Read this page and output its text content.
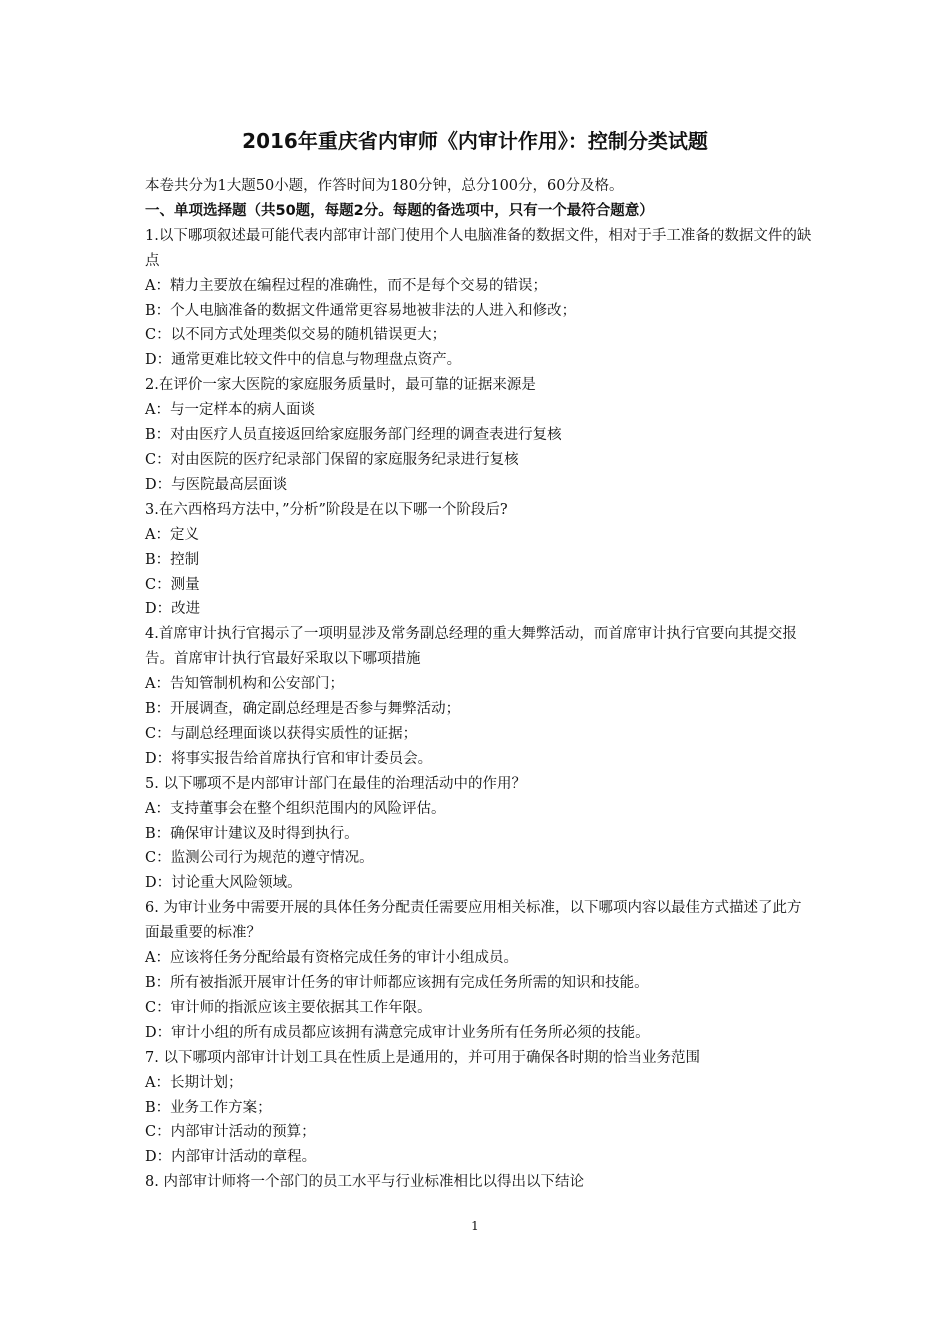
2016年重庆省内审师《内审计作用》：控制分类试题
本卷共分为1大题50小题，作答时间为180分钟，总分100分，60分及格。
一、单项选择题（共50题，每题2分。每题的备选项中，只有一个最符合题意）
1.以下哪项叙述最可能代表内部审计部门使用个人电脑准备的数据文件，相对于手工准备的数据文件的缺点
A：精力主要放在编程过程的准确性，而不是每个交易的错误；
B：个人电脑准备的数据文件通常更容易地被非法的人进入和修改；
C：以不同方式处理类似交易的随机错误更大；
D：通常更难比较文件中的信息与物理盘点资产。
2.在评价一家大医院的家庭服务质量时，最可靠的证据来源是
A：与一定样本的病人面谈
B：对由医疗人员直接返回给家庭服务部门经理的调查表进行复核
C：对由医院的医疗纪录部门保留的家庭服务纪录进行复核
D：与医院最高层面谈
3.在六西格玛方法中，”分析”阶段是在以下哪一个阶段后?
A：定义
B：控制
C：测量
D：改进
4.首席审计执行官揭示了一项明显涉及常务副总经理的重大舞弊活动，而首席审计执行官要向其提交报告。首席审计执行官最好采取以下哪项措施
A：告知管制机构和公安部门；
B：开展调查，确定副总经理是否参与舞弊活动；
C：与副总经理面谈以获得实质性的证据；
D：将事实报告给首席执行官和审计委员会。
5. 以下哪项不是内部审计部门在最佳的治理活动中的作用？
A：支持董事会在整个组织范围内的风险评估。
B：确保审计建议及时得到执行。
C：监测公司行为规范的遵守情况。
D：讨论重大风险领域。
6. 为审计业务中需要开展的具体任务分配责任需要应用相关标准，以下哪项内容以最佳方式描述了此方面最重要的标准？
A：应该将任务分配给最有资格完成任务的审计小组成员。
B：所有被指派开展审计任务的审计师都应该拥有完成任务所需的知识和技能。
C：审计师的指派应该主要依据其工作年限。
D：审计小组的所有成员都应该拥有满意完成审计业务所有任务所必须的技能。
7. 以下哪项内部审计计划工具在性质上是通用的，并可用于确保各时期的恰当业务范围
A：长期计划；
B：业务工作方案；
C：内部审计活动的预算；
D：内部审计活动的章程。
8. 内部审计师将一个部门的员工水平与行业标准相比以得出以下结论
1
